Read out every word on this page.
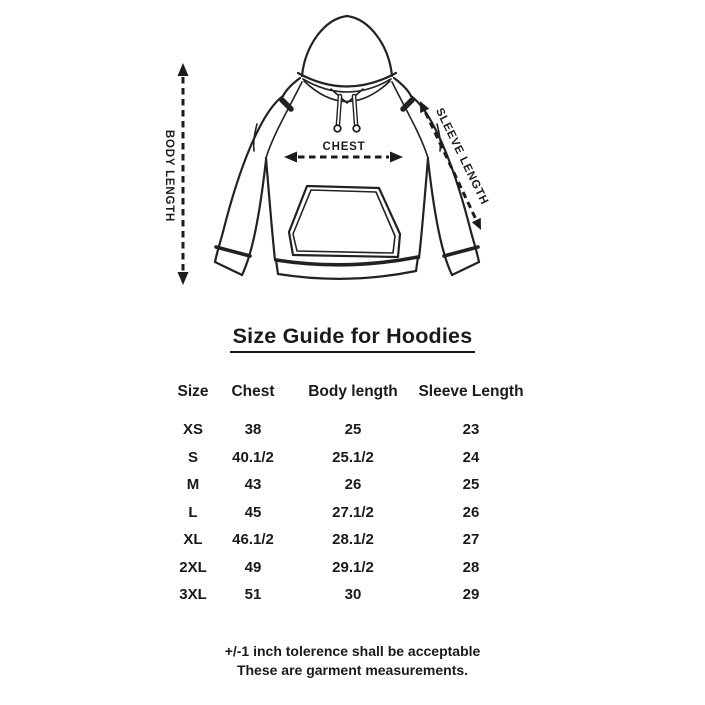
BODY LENGTH	CHEST	SLEEVE LENGTH
Size Guide for Hoodies
Size	Chest	Body length	Sleeve Length
XS	38	25	23
S	40.1/2	25.1/2	24
M	43	26	25
L	45	27.1/2	26
XL	46.1/2	28.1/2	27
2XL	49	29.1/2	28
3XL	51	30	29
+/-1 inch tolerence shall be acceptable
These are garment measurements.
